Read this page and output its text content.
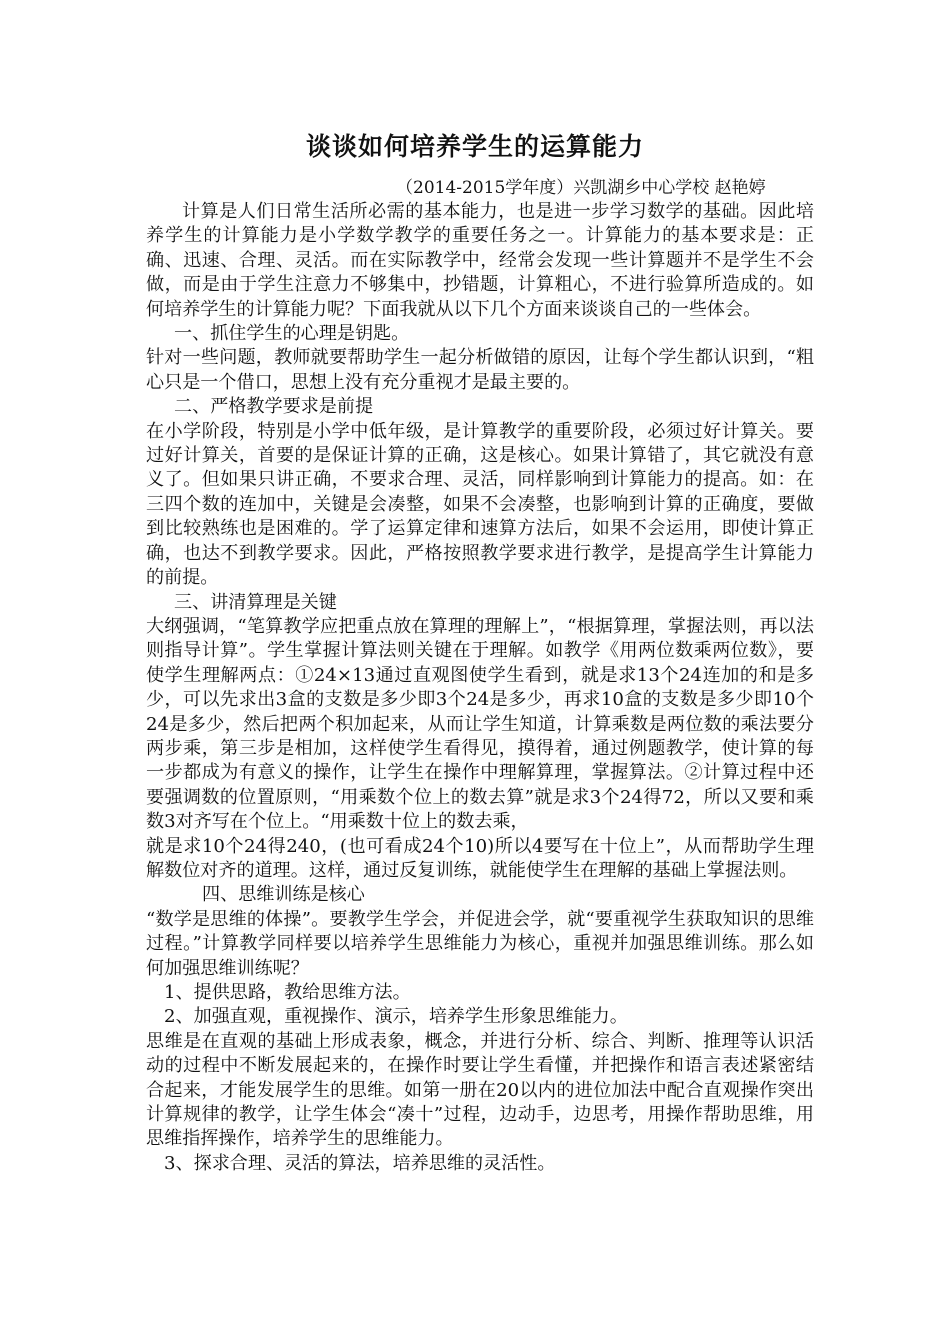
谈谈如何培养学生的运算能力
（2014-2015学年度）兴凯湖乡中心学校 赵艳婷

计算是人们日常生活所必需的基本能力，也是进一步学习数学的基础。因此培养学生的计算能力是小学数学教学的重要任务之一。计算能力的基本要求是：正确、迅速、合理、灵活。而在实际教学中，经常会发现一些计算题并不是学生不会做，而是由于学生注意力不够集中，抄错题，计算粗心，不进行验算所造成的。如何培养学生的计算能力呢？下面我就从以下几个方面来谈谈自己的一些体会。

一、抓住学生的心理是钥匙。

针对一些问题，教师就要帮助学生一起分析做错的原因，让每个学生都认识到，“粗心只是一个借口，思想上没有充分重视才是最主要的。

二、严格教学要求是前提

在小学阶段，特别是小学中低年级，是计算教学的重要阶段，必须过好计算关。要过好计算关，首要的是保证计算的正确，这是核心。如果计算错了，其它就没有意义了。但如果只讲正确，不要求合理、灵活，同样影响到计算能力的提高。如：在三四个数的连加中，关键是会凑整，如果不会凑整，也影响到计算的正确度，要做到比较熟练也是困难的。学了运算定律和速算方法后，如果不会运用，即使计算正确，也达不到教学要求。因此，严格按照教学要求进行教学，是提高学生计算能力的前提。

三、讲清算理是关键

大纲强调，“笔算教学应把重点放在算理的理解上”，“根据算理，掌握法则，再以法则指导计算”。学生掌握计算法则关键在于理解。如教学《用两位数乘两位数》，要使学生理解两点：①24×13通过直观图使学生看到，就是求13个24连加的和是多少，可以先求出3盒的支数是多少即3个24是多少，再求10盒的支数是多少即10个24是多少，然后把两个积加起来，从而让学生知道，计算乘数是两位数的乘法要分两步乘，第三步是相加，这样使学生看得见，摸得着，通过例题教学，使计算的每一步都成为有意义的操作，让学生在操作中理解算理，掌握算法。②计算过程中还要强调数的位置原则，“用乘数个位上的数去算”就是求3个24得72，所以又要和乘数3对齐写在个位上。“用乘数十位上的数去乘，

就是求10个24得240，(也可看成24个10)所以4要写在十位上”，从而帮助学生理解数位对齐的道理。这样，通过反复训练，就能使学生在理解的基础上掌握法则。

四、思维训练是核心

“数学是思维的体操”。要教学生学会，并促进会学，就“要重视学生获取知识的思维过程。”计算教学同样要以培养学生思维能力为核心，重视并加强思维训练。那么如何加强思维训练呢？

1、提供思路，教给思维方法。

2、加强直观，重视操作、演示，培养学生形象思维能力。

思维是在直观的基础上形成表象，概念，并进行分析、综合、判断、推理等认识活动的过程中不断发展起来的，在操作时要让学生看懂，并把操作和语言表述紧密结合起来，才能发展学生的思维。如第一册在20以内的进位加法中配合直观操作突出计算规律的教学，让学生体会“凑十”过程，边动手，边思考，用操作帮助思维，用思维指挥操作，培养学生的思维能力。

3、探求合理、灵活的算法，培养思维的灵活性。
